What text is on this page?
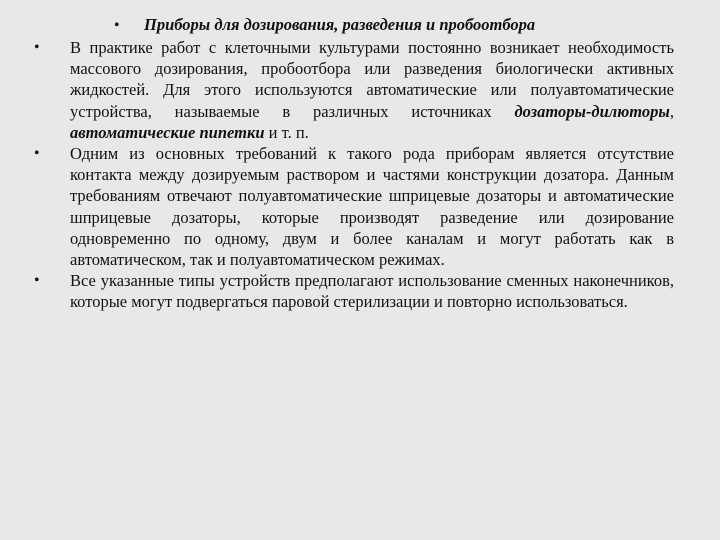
•	Приборы для дозирования, разведения и пробоотбора
•	В практике работ с клеточными культурами постоянно возникает необходимость массового дозирования, пробоотбора или разведения биологически активных жидкостей. Для этого используются автоматические или полуавтоматические устройства, называемые в различных источниках дозаторы-дилюторы, автоматические пипетки и т. п.
•	Одним из основных требований к такого рода приборам является отсутствие контакта между дозируемым раствором и частями конструкции дозатора. Данным требованиям отвечают полуавтоматические шприцевые дозаторы и автоматические шприцевые дозаторы, которые производят разведение или дозирование одновременно по одному, двум и более каналам и могут работать как в автоматическом, так и полуавтоматическом режимах.
•	Все указанные типы устройств предполагают использование сменных наконечников, которые могут подвергаться паровой стерилизации и повторно использоваться.
